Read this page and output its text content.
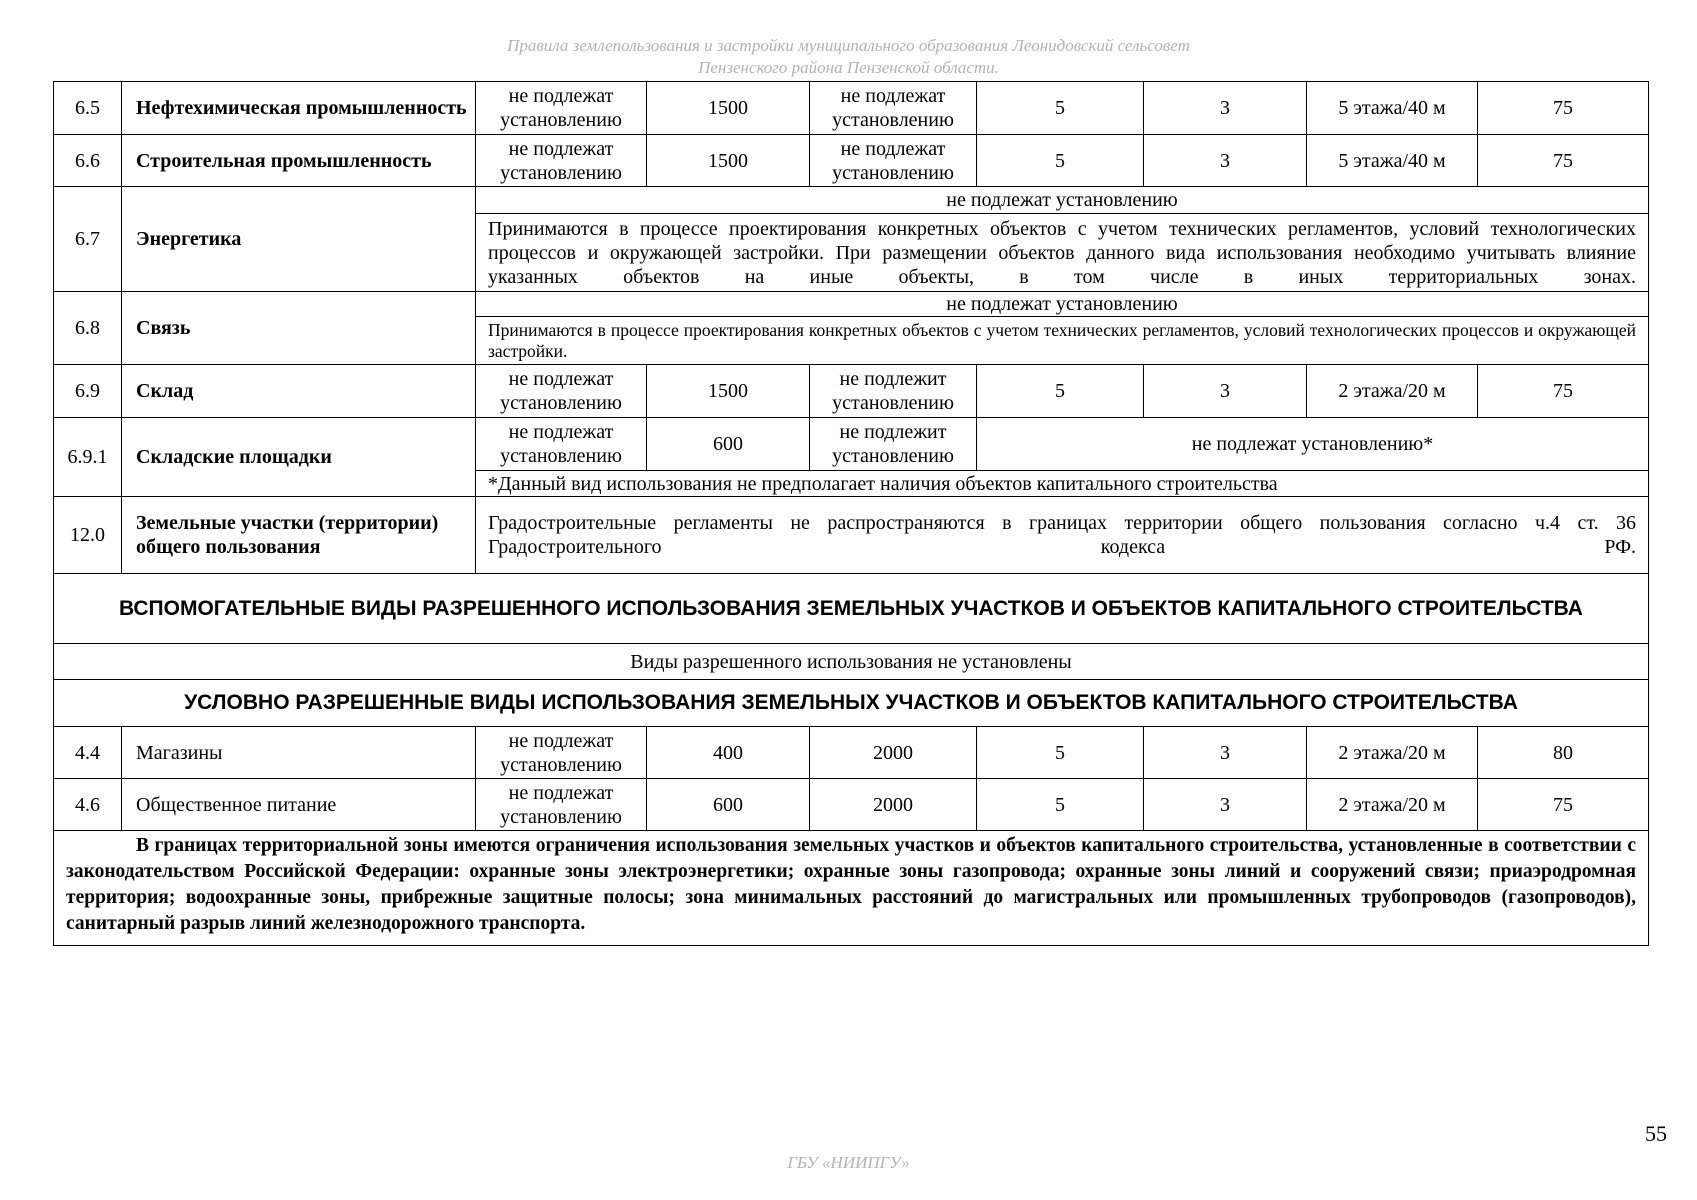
Правила землепользования и застройки муниципального образования Леонидовский сельсовет
Пензенского района Пензенской области.
6.5	Нефтехимическая промышленность	не подлежат установлению	1500	не подлежат установлению	5	3	5 этажа/40 м	75
6.6	Строительная промышленность	не подлежат установлению	1500	не подлежат установлению	5	3	5 этажа/40 м	75
6.7	Энергетика	не подлежат установлению						
		Принимаются в процессе проектирования конкретных объектов с учетом технических регламентов, условий технологических процессов и окружающей застройки. При размещении объектов данного вида использования необходимо учитывать влияние указанных объектов на иные объекты, в том числе в иных территориальных зонах.						
6.8	Связь	не подлежат установлению						
		Принимаются в процессе проектирования конкретных объектов с учетом технических регламентов, условий технологических процессов и окружающей застройки.						
6.9	Склад	не подлежат установлению	1500	не подлежит установлению	5	3	2 этажа/20 м	75
6.9.1	Складские площадки	не подлежат установлению	600	не подлежит установлению	не подлежат установлению*			
		*Данный вид использования не предполагает наличия объектов капитального строительства						
12.0	Земельные участки (территории) общего пользования	Градостроительные регламенты не распространяются в границах территории общего пользования согласно ч.4 ст. 36 Градостроительного кодекса РФ.						
ВСПОМОГАТЕЛЬНЫЕ ВИДЫ РАЗРЕШЕННОГО ИСПОЛЬЗОВАНИЯ ЗЕМЕЛЬНЫХ УЧАСТКОВ И ОБЪЕКТОВ КАПИТАЛЬНОГО СТРОИТЕЛЬСТВА								
Виды разрешенного использования не установлены								
УСЛОВНО РАЗРЕШЕННЫЕ ВИДЫ ИСПОЛЬЗОВАНИЯ ЗЕМЕЛЬНЫХ УЧАСТКОВ И ОБЪЕКТОВ КАПИТАЛЬНОГО СТРОИТЕЛЬСТВА								
4.4	Магазины	не подлежат установлению	400	2000	5	3	2 этажа/20 м	80
4.6	Общественное питание	не подлежат установлению	600	2000	5	3	2 этажа/20 м	75
В границах территориальной зоны имеются ограничения использования земельных участков и объектов капитального строительства, установленные в соответствии с законодательством Российской Федерации: охранные зоны электроэнергетики; охранные зоны газопровода; охранные зоны линий и сооружений связи; приаэродромная территория; водоохранные зоны, прибрежные защитные полосы; зона минимальных расстояний до магистральных или промышленных трубопроводов (газопроводов), санитарный разрыв линий железнодорожного транспорта.								
55
ГБУ «НИИПГУ»
